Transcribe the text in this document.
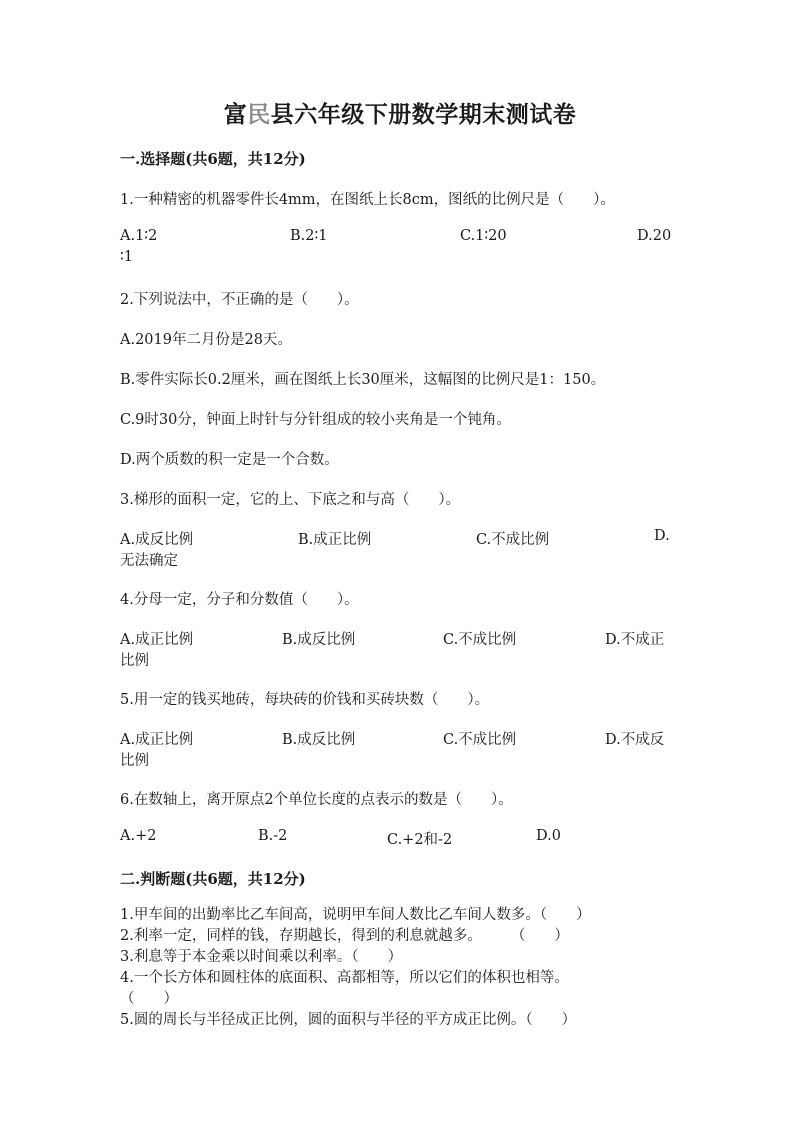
富民县六年级下册数学期末测试卷
一.选择题(共6题，共12分)
1.一种精密的机器零件长4mm，在图纸上长8cm，图纸的比例尺是（　　）。
A.1∶2	B.2∶1	C.1∶20	D.20
∶1
2.下列说法中，不正确的是（　　）。
A.2019年二月份是28天。
B.零件实际长0.2厘米，画在图纸上长30厘米，这幅图的比例尺是1：150。
C.9时30分，钟面上时针与分针组成的较小夹角是一个钝角。
D.两个质数的积一定是一个合数。
3.梯形的面积一定，它的上、下底之和与高（　　）。
A.成反比例	B.成正比例	C.不成比例	D.
无法确定
4.分母一定，分子和分数值（　　）。
A.成正比例	B.成反比例	C.不成比例	D.不成正
比例
5.用一定的钱买地砖，每块砖的价钱和买砖块数（　　）。
A.成正比例	B.成反比例	C.不成比例	D.不成反
比例
6.在数轴上，离开原点2个单位长度的点表示的数是（　　）。
A.+2	B.-2	C.+2和-2	D.0
二.判断题(共6题，共12分)
1.甲车间的出勤率比乙车间高，说明甲车间人数比乙车间人数多。（　　）
2.利率一定，同样的钱，存期越长，得到的利息就越多。　　　（　　）
3.利息等于本金乘以时间乘以利率。（　　）
4.一个长方体和圆柱体的底面积、高都相等，所以它们的体积也相等。
（　　）
5.圆的周长与半径成正比例，圆的面积与半径的平方成正比例。（　　）
